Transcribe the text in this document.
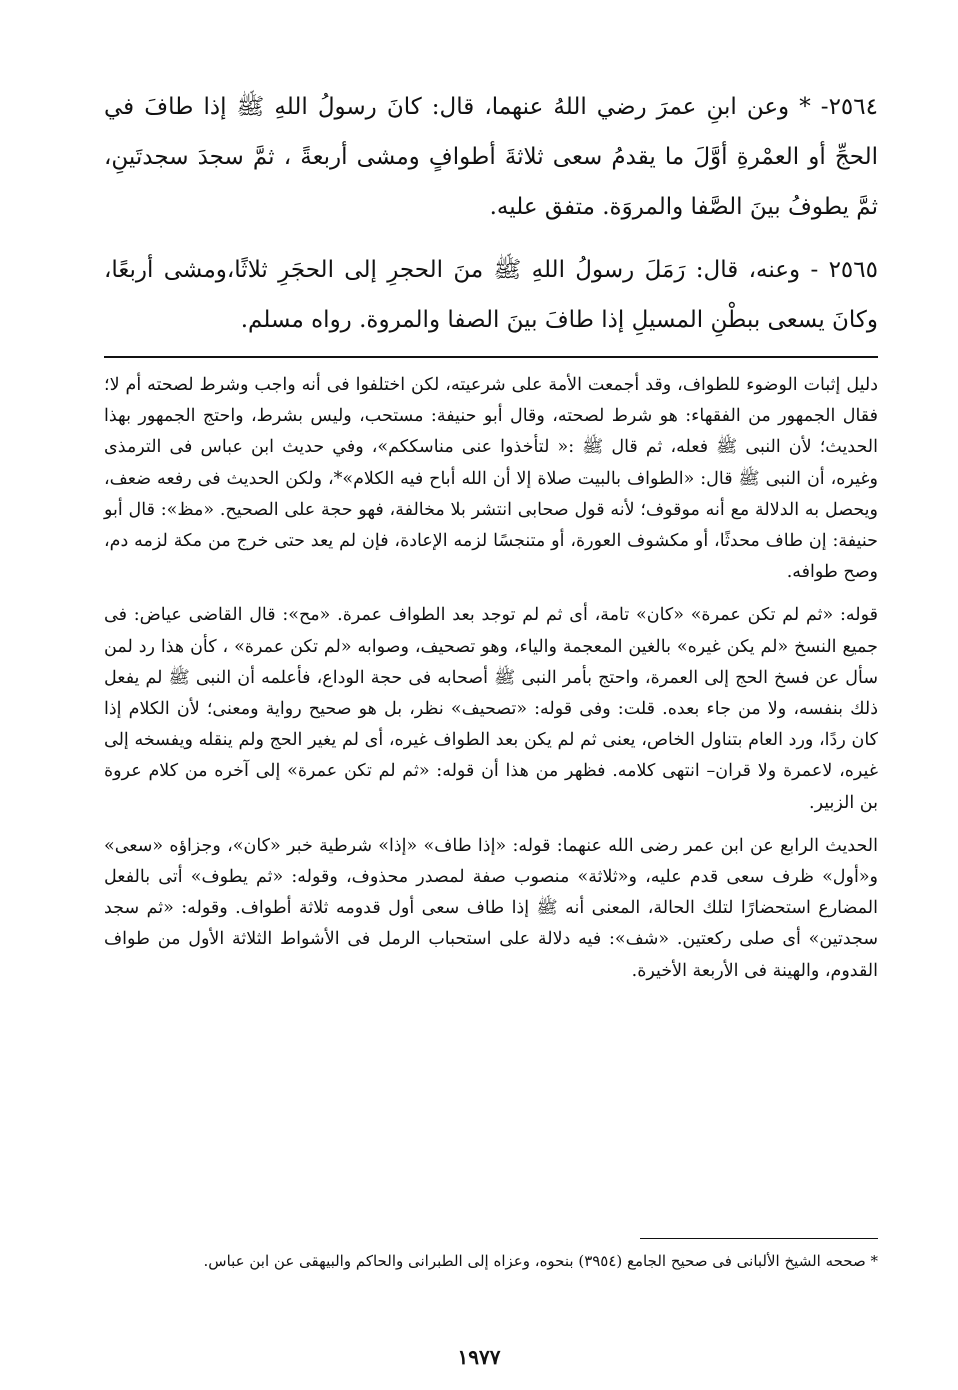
٢٥٦٤- * وعن ابنِ عمرَ رضي اللهُ عنهما، قال: كانَ رسولُ اللهِ ﷺ إذا طافَ في الحجِّ أو العمْرةِ أوَّلَ ما يقدمُ سعى ثلاثةَ أطوافٍ ومشى أربعةً ، ثمَّ سجدَ سجدتَينِ، ثمَّ يطوفُ بينَ الصَّفا والمروَة. متفق عليه.

٢٥٦٥ - وعنه، قال: رَمَلَ رسولُ اللهِ ﷺ منَ الحجرِ إلى الحجَرِ ثلاثًا،ومشى أربعًا، وكانَ يسعى ببطْنِ المسيلِ إذا طافَ بينَ الصفا والمروة. رواه مسلم.

دليل إثبات الوضوء للطواف، وقد أجمعت الأمة على شرعيته، لكن اختلفوا فى أنه واجب وشرط لصحته أم لا؛ فقال الجمهور من الفقهاء: هو شرط لصحته، وقال أبو حنيفة: مستحب، وليس بشرط، واحتج الجمهور بهذا الحديث؛ لأن النبى ﷺ فعله، ثم قال ﷺ :« لتأخذوا عنى مناسككم»، وفي حديث ابن عباس فى الترمذى وغيره، أن النبى ﷺ قال: «الطواف بالبيت صلاة إلا أن الله أباح فيه الكلام»*، ولكن الحديث فى رفعه ضعف، ويحصل به الدلالة مع أنه موقوف؛ لأنه قول صحابى انتشر بلا مخالفة، فهو حجة على الصحيح. «مظ»: قال أبو حنيفة: إن طاف محدثًا، أو مكشوف العورة، أو متنجسًا لزمه الإعادة، فإن لم يعد حتى خرج من مكة لزمه دم، وصح طوافه.

قوله: «ثم لم تكن عمرة» «كان» تامة، أى ثم لم توجد بعد الطواف عمرة. «مح»: قال القاضى عياض: فى جميع النسخ «لم يكن غيره» بالغين المعجمة والياء، وهو تصحيف، وصوابه «لم تكن عمرة» ، كأن هذا رد لمن سأل عن فسخ الحج إلى العمرة، واحتج بأمر النبى ﷺ أصحابه فى حجة الوداع، فأعلمه أن النبى ﷺ لم يفعل ذلك بنفسه، ولا من جاء بعده. قلت: وفى قوله: «تصحيف» نظر، بل هو صحيح رواية ومعنى؛ لأن الكلام إذا كان ردًا، ورد العام بتناول الخاص، يعنى ثم لم يكن بعد الطواف غيره، أى لم يغير الحج ولم ينقله ويفسخه إلى غيره، لاعمرة ولا قران– انتهى كلامه. فظهر من هذا أن قوله: «ثم لم تكن عمرة» إلى آخره من كلام عروة بن الزبير.

الحديث الرابع عن ابن عمر رضى الله عنهما: قوله: «إذا طاف» «إذا» شرطية خبر «كان»، وجزاؤه «سعى» و«أول» ظرف سعى قدم عليه، و«ثلاثة» منصوب صفة لمصدر محذوف، وقوله: «ثم يطوف» أتى بالفعل المضارع استحضارًا لتلك الحالة، المعنى أنه ﷺ إذا طاف سعى أول قدومه ثلاثة أطواف. وقوله: «ثم سجد سجدتين» أى صلى ركعتين. «شف»: فيه دلالة على استحباب الرمل فى الأشواط الثلاثة الأول من طواف القدوم، والهينة فى الأربعة الأخيرة.

* صححه الشيخ الألبانى فى صحيح الجامع (٣٩٥٤) بنحوه، وعزاه إلى الطبرانى والحاكم والبيهقى عن ابن عباس.

١٩٧٧
